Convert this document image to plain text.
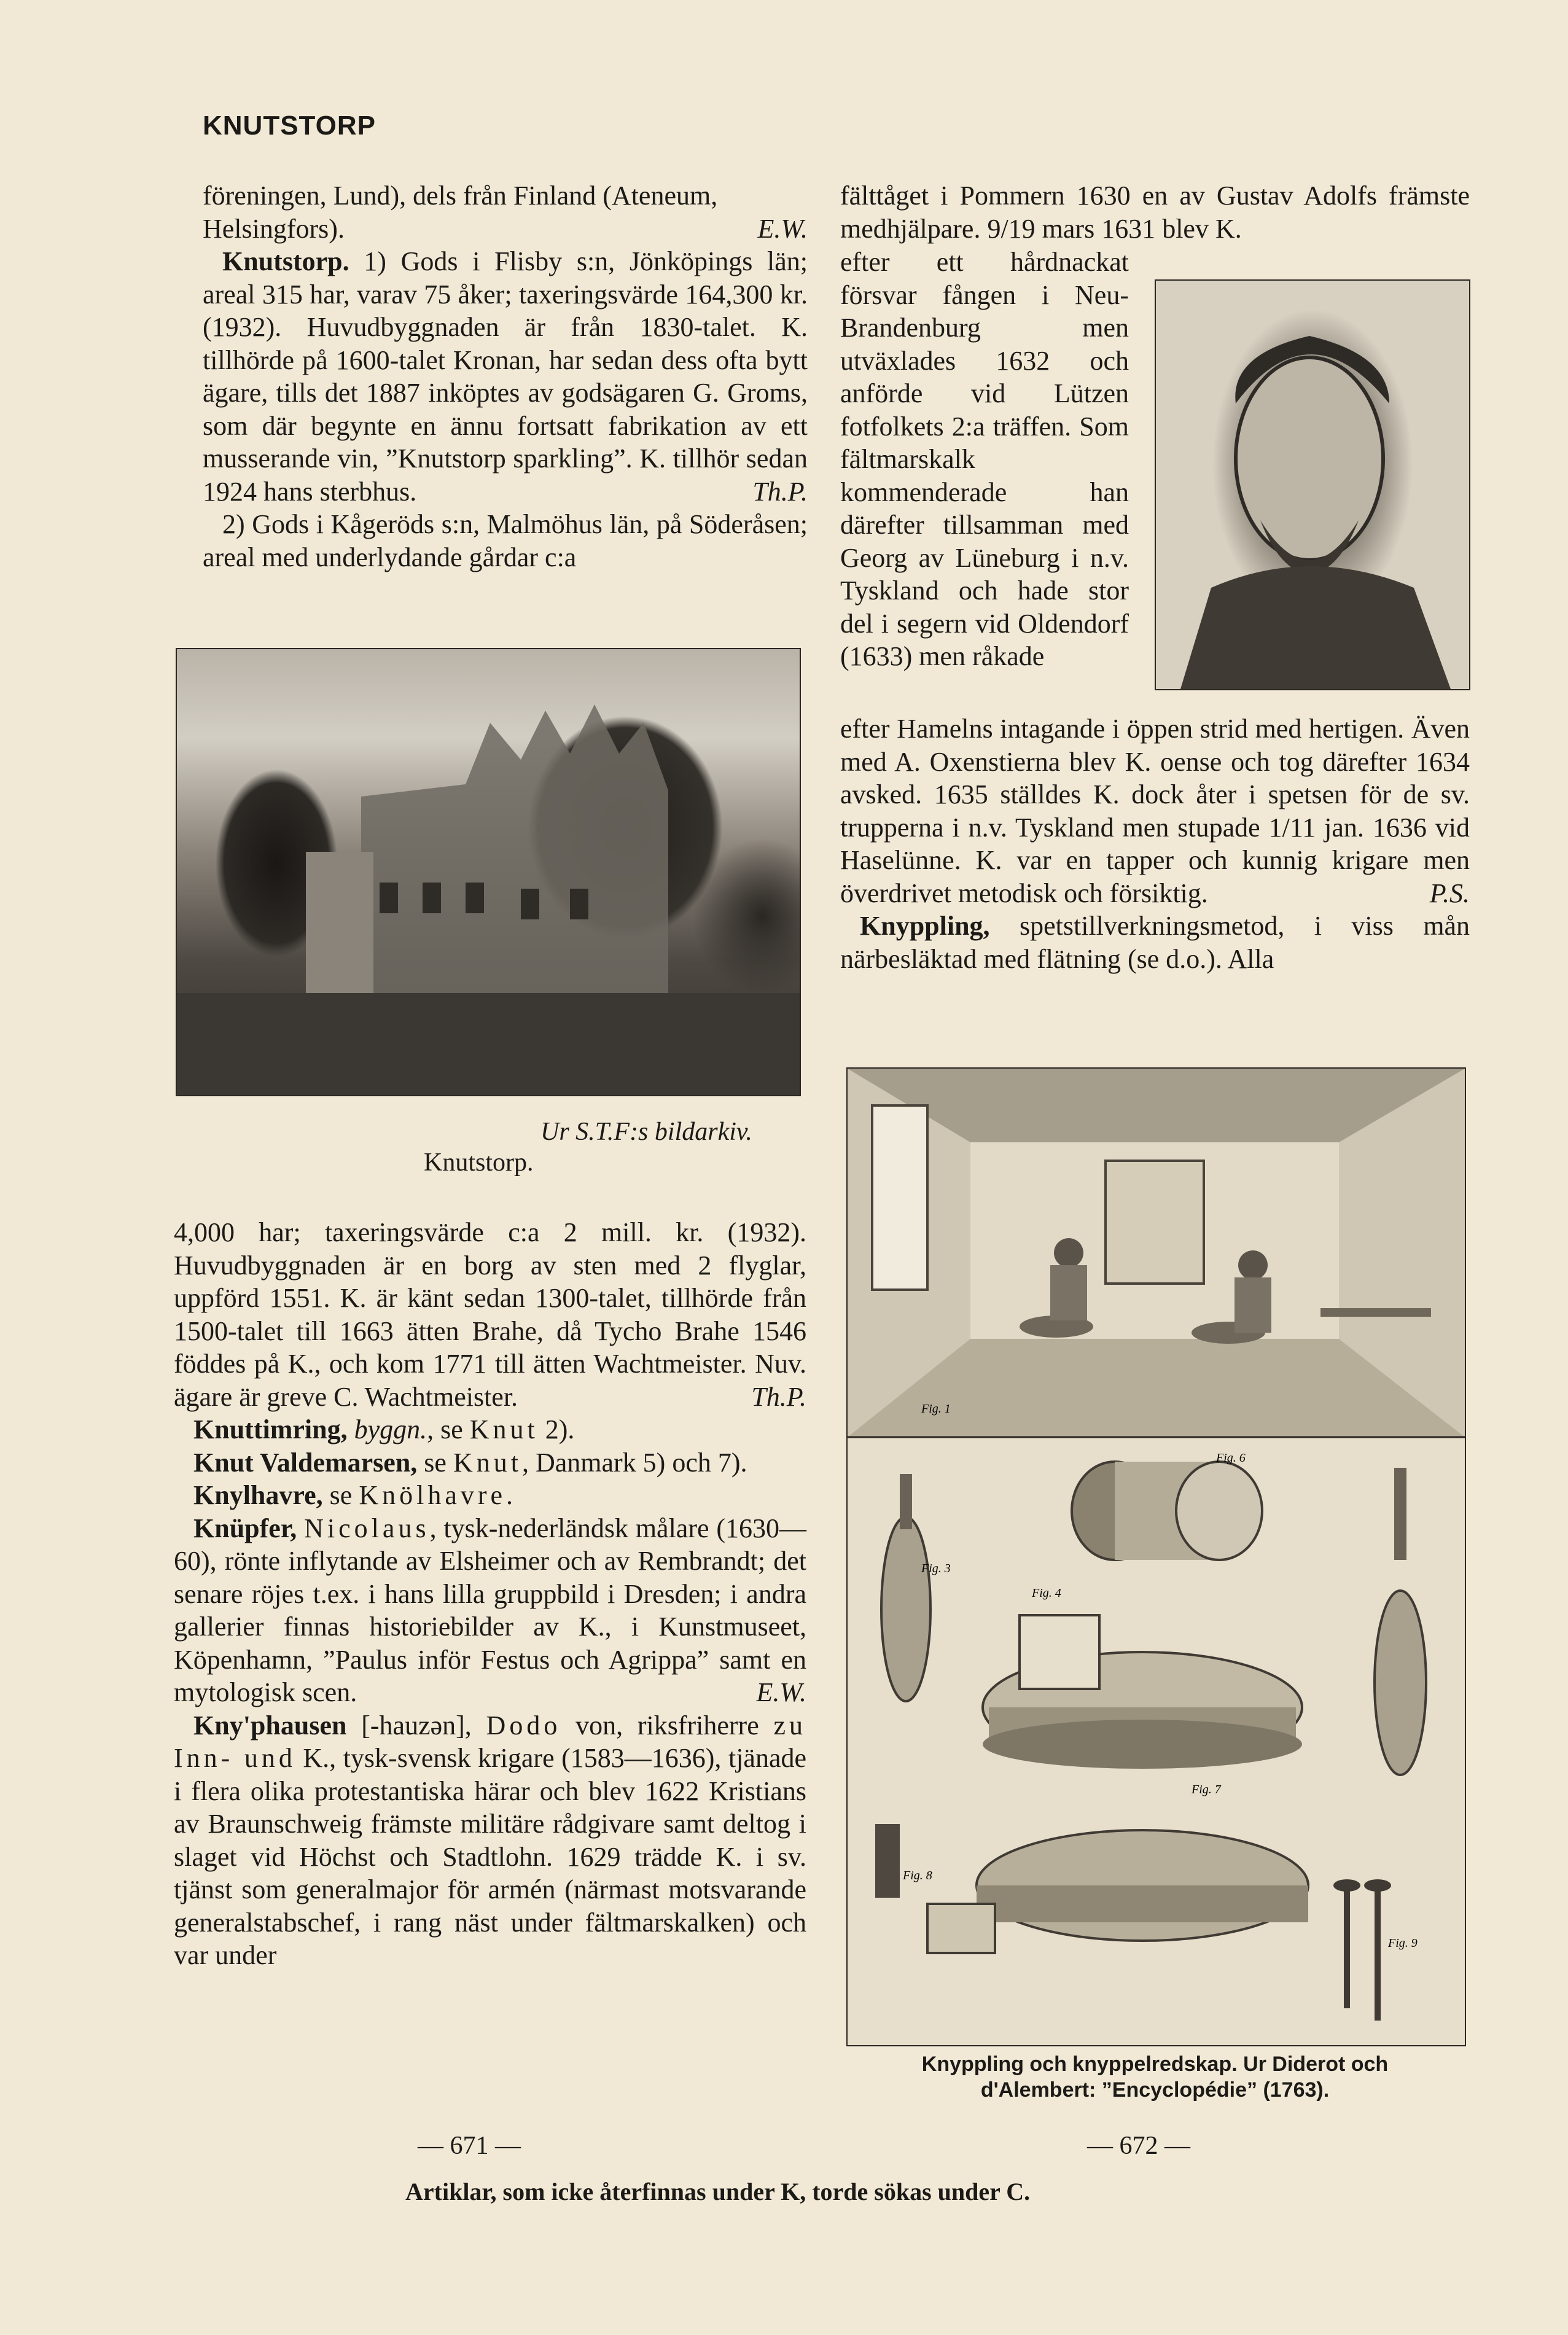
KNUTSTORP

föreningen, Lund), dels från Finland (Ateneum,

Helsingfors).	E.W.

Knutstorp. 1) Gods i Flisby s:n, Jönköpings län; areal 315 har, varav 75 åker; taxeringsvärde 164,300 kr. (1932). Huvudbyggnaden är från 1830-talet. K. tillhörde på 1600-talet Kronan, har sedan dess ofta bytt ägare, tills det 1887 inköptes av godsägaren G. Groms, som där begynte en ännu fortsatt fabrikation av ett musserande vin, ”Knutstorp sparkling”. K. tillhör sedan 1924 hans sterbhus.	Th.P.

2) Gods i Kågeröds s:n, Malmöhus län, på Söderåsen; areal med underlydande gårdar c:a

Ur S.T.F:s bildarkiv.
Knutstorp.

4,000 har; taxeringsvärde c:a 2 mill. kr. (1932). Huvudbyggnaden är en borg av sten med 2 flyglar, uppförd 1551. K. är känt sedan 1300-talet, tillhörde från 1500-talet till 1663 ätten Brahe, då Tycho Brahe 1546 föddes på K., och kom 1771 till ätten Wachtmeister. Nuv. ägare är greve C. Wachtmeister.	Th.P.

Knuttimring, byggn., se Knut 2).

Knut Valdemarsen, se Knut, Danmark 5) och 7).

Knylhavre, se Knölhavre.

Knüpfer, Nicolaus, tysk-nederländsk målare (1630—60), rönte inflytande av Elsheimer och av Rembrandt; det senare röjes t.ex. i hans lilla gruppbild i Dresden; i andra gallerier finnas historiebilder av K., i Kunstmuseet, Köpenhamn, ”Paulus inför Festus och Agrippa” samt en mytologisk scen.	E.W.

Kny'phausen [-hauzən], Dodo von, riksfriherre zu Inn- und K., tysk-svensk krigare (1583—1636), tjänade i flera olika protestantiska härar och blev 1622 Kristians av Braunschweig främste militäre rådgivare samt deltog i slaget vid Höchst och Stadtlohn. 1629 trädde K. i sv. tjänst som generalmajor för armén (närmast motsvarande generalstabschef, i rang näst under fältmarskalken) och var under

fälttåget i Pommern 1630 en av Gustav Adolfs främste medhjälpare. 9/19 mars 1631 blev K.

efter ett hårdnackat försvar fången i Neu-Brandenburg men utväxlades 1632 och anförde vid Lützen fotfolkets 2:a träffen. Som fältmarskalk kommenderade han därefter tillsamman med Georg av Lüneburg i n.v. Tyskland och hade stor del i segern vid Oldendorf (1633) men råkade

efter Hamelns intagande i öppen strid med hertigen. Även med A. Oxenstierna blev K. oense och tog därefter 1634 avsked. 1635 ställdes K. dock åter i spetsen för de sv. trupperna i n.v. Tyskland men stupade 1/11 jan. 1636 vid Haselünne. K. var en tapper och kunnig krigare men överdrivet metodisk och försiktig.	P.S.

Knyppling, spetstillverkningsmetod, i viss mån närbesläktad med flätning (se d.o.). Alla

Fig. 1
Fig. 3
Fig. 4
Fig. 6
Fig. 7
Fig. 8
Fig. 9
Knyppling och knyppelredskap. Ur Diderot och
d'Alembert: ”Encyclopédie” (1763).
— 671 —	— 672 —
Artiklar, som icke återfinnas under K, torde sökas under C.
